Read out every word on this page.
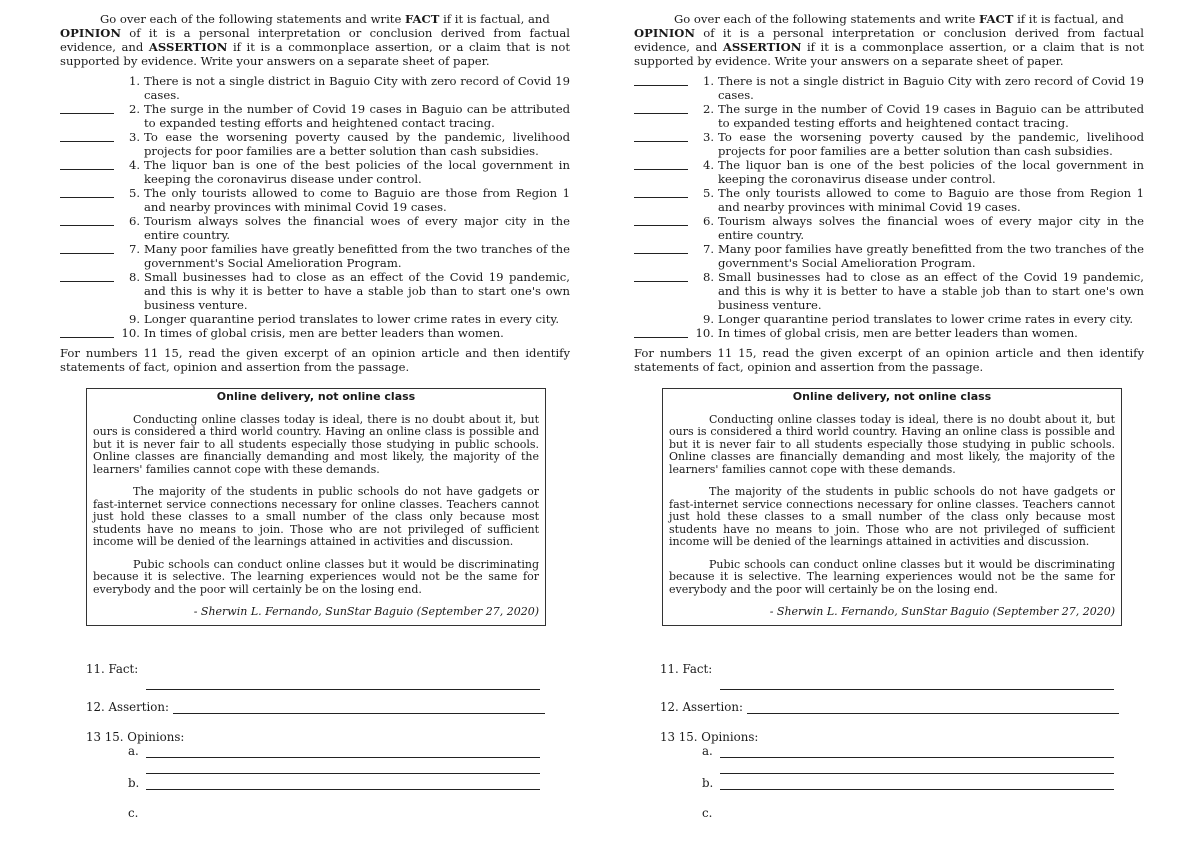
Go over each of the following statements and write FACT if it is factual, and
OPINION of it is a personal interpretation or conclusion derived from factual evidence, and ASSERTION if it is a commonplace assertion, or a claim that is not supported by evidence. Write your answers on a separate sheet of paper.
1. There is not a single district in Baguio City with zero record of Covid 19 cases.
2. The surge in the number of Covid 19 cases in Baguio can be attributed to expanded testing efforts and heightened contact tracing.
3. To ease the worsening poverty caused by the pandemic, livelihood projects for poor families are a better solution than cash subsidies.
4. The liquor ban is one of the best policies of the local government in keeping the coronavirus disease under control.
5. The only tourists allowed to come to Baguio are those from Region 1 and nearby provinces with minimal Covid 19 cases.
6. Tourism always solves the financial woes of every major city in the entire country.
7. Many poor families have greatly benefitted from the two tranches of the government's Social Amelioration Program.
8. Small businesses had to close as an effect of the Covid 19 pandemic, and this is why it is better to have a stable job than to start one's own business venture.
9. Longer quarantine period translates to lower crime rates in every city.
10. In times of global crisis, men are better leaders than women.
For numbers 11 15, read the given excerpt of an opinion article and then identify statements of fact, opinion and assertion from the passage.
Online delivery, not online class
Conducting online classes today is ideal, there is no doubt about it, but ours is considered a third world country. Having an online class is possible and but it is never fair to all students especially those studying in public schools. Online classes are financially demanding and most likely, the majority of the learners' families cannot cope with these demands.
The majority of the students in public schools do not have gadgets or fast-internet service connections necessary for online classes. Teachers cannot just hold these classes to a small number of the class only because most students have no means to join. Those who are not privileged of sufficient income will be denied of the learnings attained in activities and discussion.
Pubic schools can conduct online classes but it would be discriminating because it is selective. The learning experiences would not be the same for everybody and the poor will certainly be on the losing end.
- Sherwin L. Fernando, SunStar Baguio (September 27, 2020)
11. Fact:
12. Assertion:
13 15. Opinions:
a.
b.
c.
Go over each of the following statements and write FACT if it is factual, and
OPINION of it is a personal interpretation or conclusion derived from factual evidence, and ASSERTION if it is a commonplace assertion, or a claim that is not supported by evidence. Write your answers on a separate sheet of paper.
1. There is not a single district in Baguio City with zero record of Covid 19 cases.
2. The surge in the number of Covid 19 cases in Baguio can be attributed to expanded testing efforts and heightened contact tracing.
3. To ease the worsening poverty caused by the pandemic, livelihood projects for poor families are a better solution than cash subsidies.
4. The liquor ban is one of the best policies of the local government in keeping the coronavirus disease under control.
5. The only tourists allowed to come to Baguio are those from Region 1 and nearby provinces with minimal Covid 19 cases.
6. Tourism always solves the financial woes of every major city in the entire country.
7. Many poor families have greatly benefitted from the two tranches of the government's Social Amelioration Program.
8. Small businesses had to close as an effect of the Covid 19 pandemic, and this is why it is better to have a stable job than to start one's own business venture.
9. Longer quarantine period translates to lower crime rates in every city.
10. In times of global crisis, men are better leaders than women.
For numbers 11 15, read the given excerpt of an opinion article and then identify statements of fact, opinion and assertion from the passage.
Online delivery, not online class
Conducting online classes today is ideal, there is no doubt about it, but ours is considered a third world country. Having an online class is possible and but it is never fair to all students especially those studying in public schools. Online classes are financially demanding and most likely, the majority of the learners' families cannot cope with these demands.
The majority of the students in public schools do not have gadgets or fast-internet service connections necessary for online classes. Teachers cannot just hold these classes to a small number of the class only because most students have no means to join. Those who are not privileged of sufficient income will be denied of the learnings attained in activities and discussion.
Pubic schools can conduct online classes but it would be discriminating because it is selective. The learning experiences would not be the same for everybody and the poor will certainly be on the losing end.
- Sherwin L. Fernando, SunStar Baguio (September 27, 2020)
11. Fact:
12. Assertion:
13 15. Opinions:
a.
b.
c.
